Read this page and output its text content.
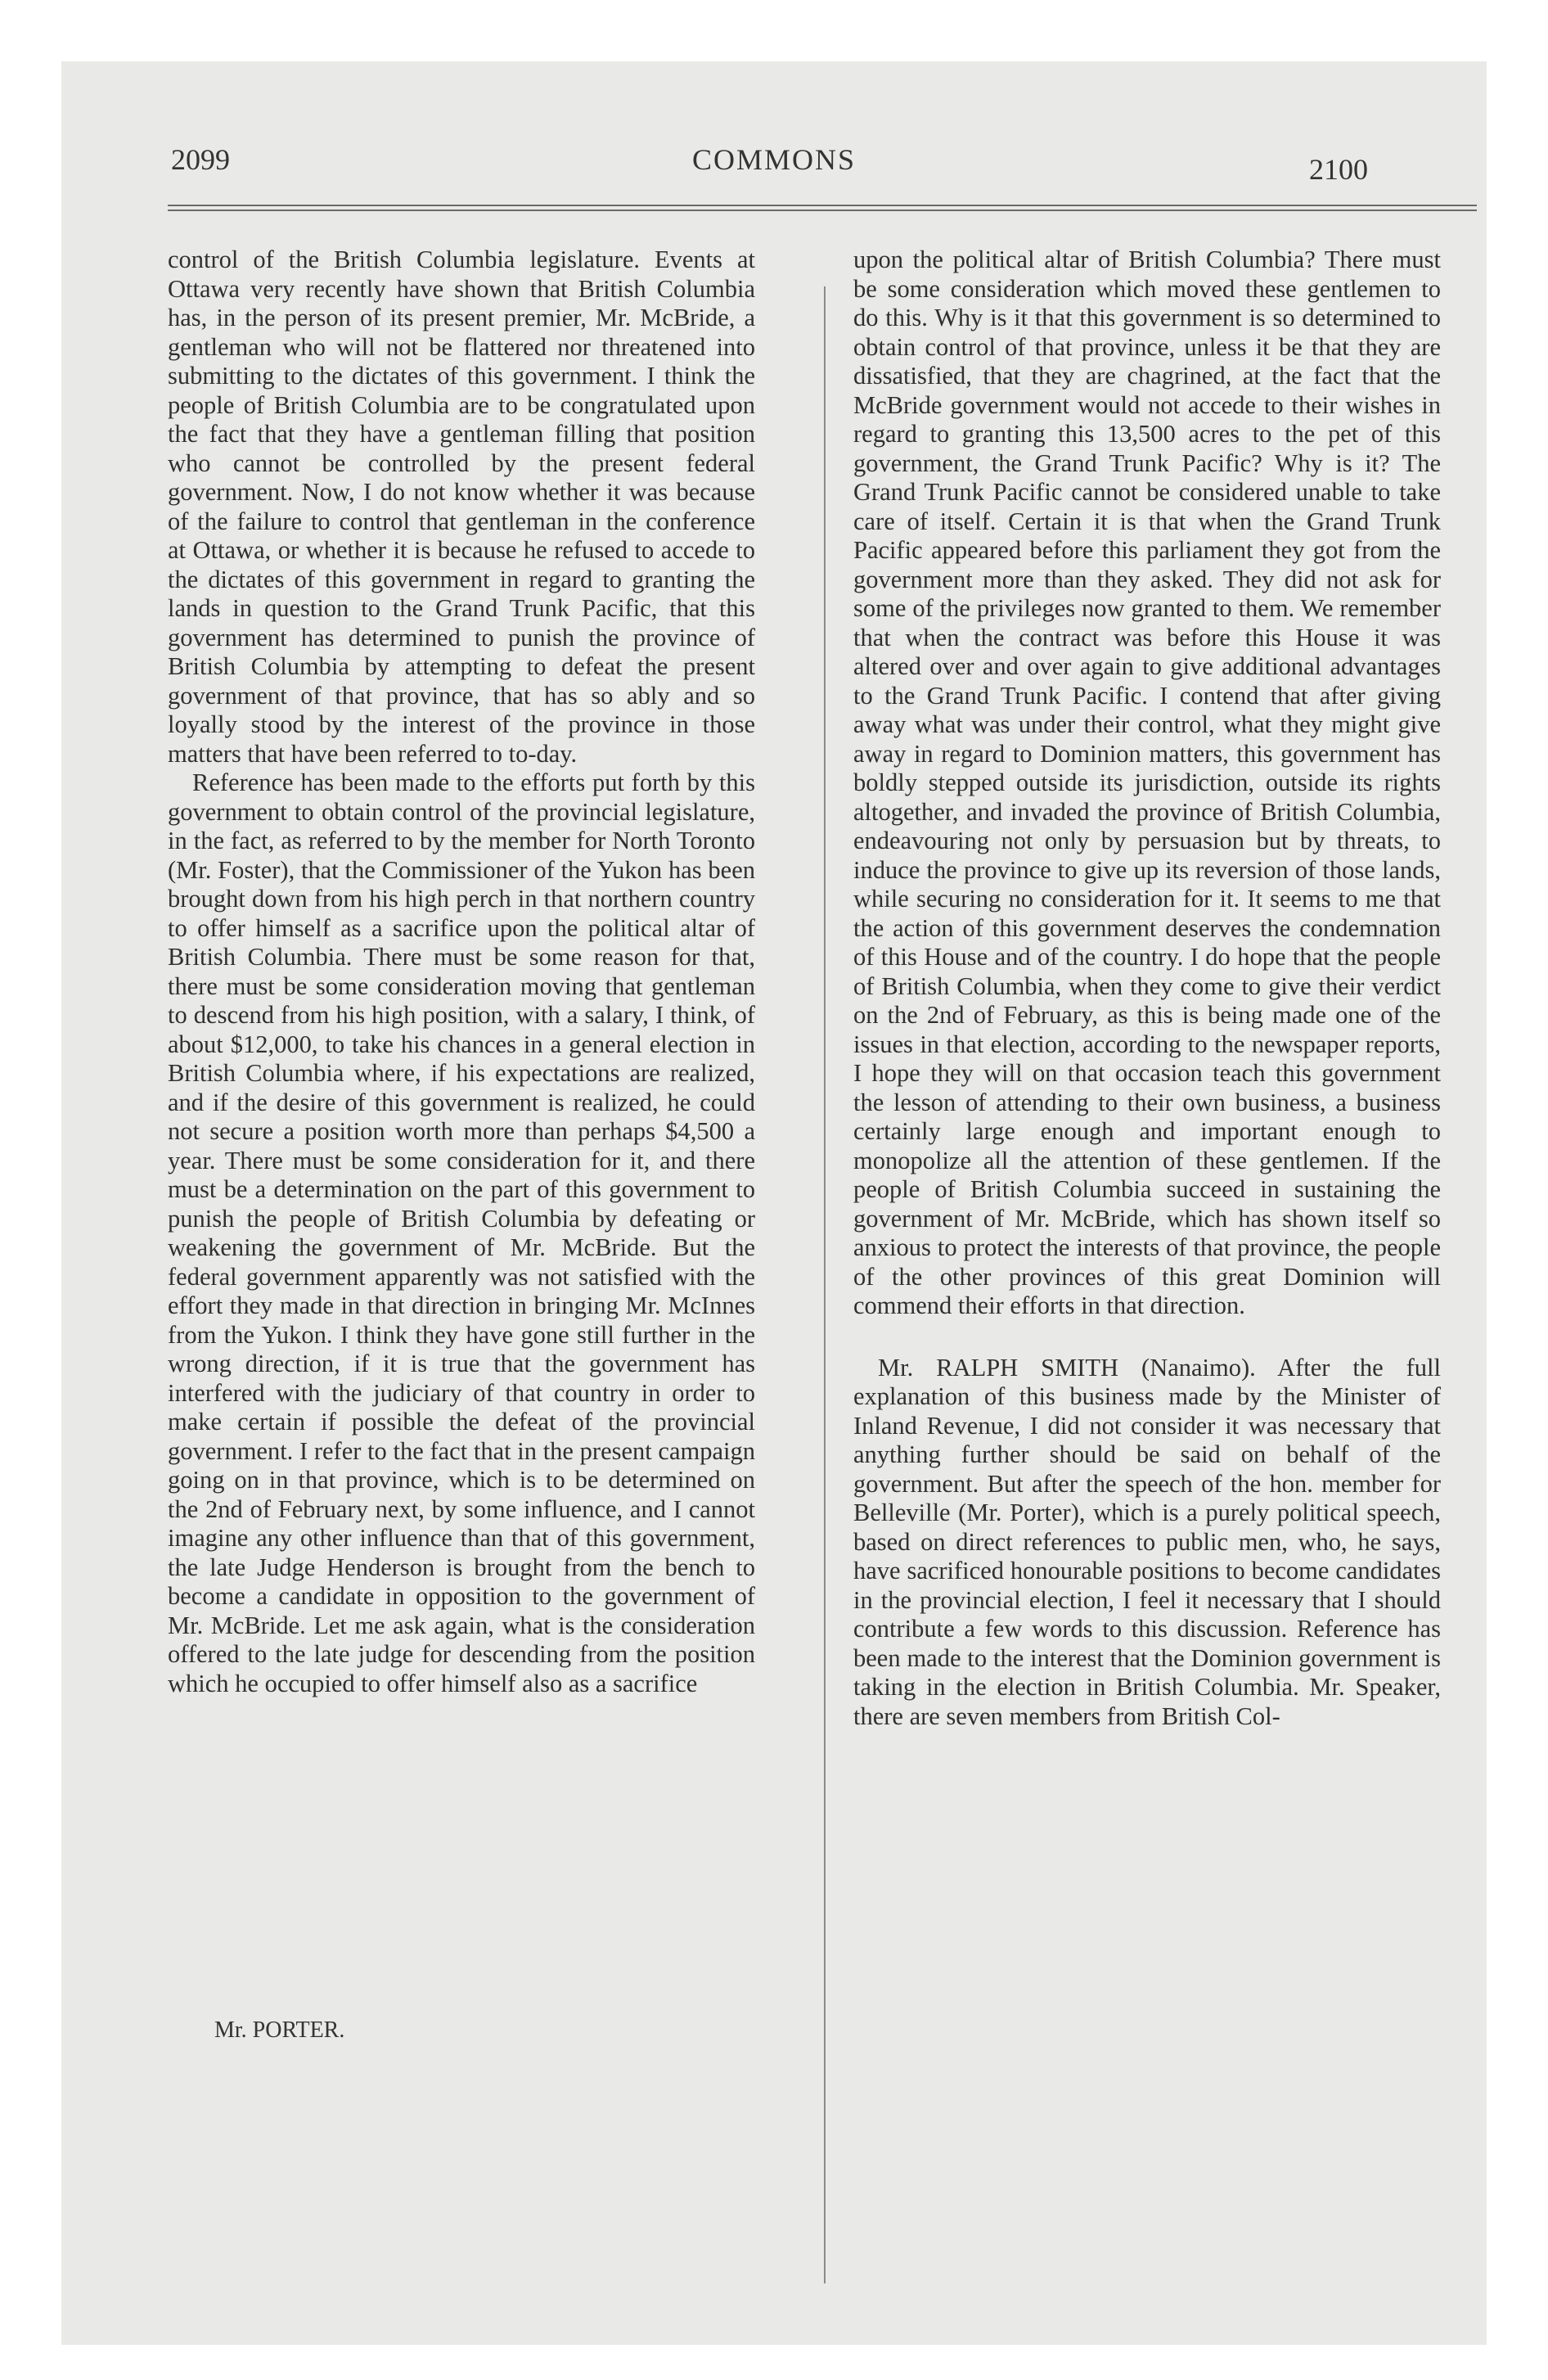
2099	COMMONS	2100

control of the British Columbia legislature. Events at Ottawa very recently have shown that British Columbia has, in the person of its present premier, Mr. McBride, a gentleman who will not be flattered nor threatened into submitting to the dictates of this government. I think the people of British Columbia are to be congratulated upon the fact that they have a gentleman filling that position who cannot be controlled by the present federal government. Now, I do not know whether it was because of the failure to control that gentleman in the conference at Ottawa, or whether it is because he refused to accede to the dictates of this government in regard to granting the lands in question to the Grand Trunk Pacific, that this government has determined to punish the province of British Columbia by attempting to defeat the present government of that province, that has so ably and so loyally stood by the interest of the province in those matters that have been referred to to-day.

Reference has been made to the efforts put forth by this government to obtain control of the provincial legislature, in the fact, as referred to by the member for North Toronto (Mr. Foster), that the Commissioner of the Yukon has been brought down from his high perch in that northern country to offer himself as a sacrifice upon the political altar of British Columbia. There must be some reason for that, there must be some consideration moving that gentleman to descend from his high position, with a salary, I think, of about $12,000, to take his chances in a general election in British Columbia where, if his expectations are realized, and if the desire of this government is realized, he could not secure a position worth more than perhaps $4,500 a year. There must be some consideration for it, and there must be a determination on the part of this government to punish the people of British Columbia by defeating or weakening the government of Mr. McBride. But the federal government apparently was not satisfied with the effort they made in that direction in bringing Mr. McInnes from the Yukon. I think they have gone still further in the wrong direction, if it is true that the government has interfered with the judiciary of that country in order to make certain if possible the defeat of the provincial government. I refer to the fact that in the present campaign going on in that province, which is to be determined on the 2nd of February next, by some influence, and I cannot imagine any other influence than that of this government, the late Judge Henderson is brought from the bench to become a candidate in opposition to the government of Mr. McBride. Let me ask again, what is the consideration offered to the late judge for descending from the position which he occupied to offer himself also as a sacrifice

upon the political altar of British Columbia? There must be some consideration which moved these gentlemen to do this. Why is it that this government is so determined to obtain control of that province, unless it be that they are dissatisfied, that they are chagrined, at the fact that the McBride government would not accede to their wishes in regard to granting this 13,500 acres to the pet of this government, the Grand Trunk Pacific? Why is it? The Grand Trunk Pacific cannot be considered unable to take care of itself. Certain it is that when the Grand Trunk Pacific appeared before this parliament they got from the government more than they asked. They did not ask for some of the privileges now granted to them. We remember that when the contract was before this House it was altered over and over again to give additional advantages to the Grand Trunk Pacific. I contend that after giving away what was under their control, what they might give away in regard to Dominion matters, this government has boldly stepped outside its jurisdiction, outside its rights altogether, and invaded the province of British Columbia, endeavouring not only by persuasion but by threats, to induce the province to give up its reversion of those lands, while securing no consideration for it. It seems to me that the action of this government deserves the condemnation of this House and of the country. I do hope that the people of British Columbia, when they come to give their verdict on the 2nd of February, as this is being made one of the issues in that election, according to the newspaper reports, I hope they will on that occasion teach this government the lesson of attending to their own business, a business certainly large enough and important enough to monopolize all the attention of these gentlemen. If the people of British Columbia succeed in sustaining the government of Mr. McBride, which has shown itself so anxious to protect the interests of that province, the people of the other provinces of this great Dominion will commend their efforts in that direction.

Mr. RALPH SMITH (Nanaimo). After the full explanation of this business made by the Minister of Inland Revenue, I did not consider it was necessary that anything further should be said on behalf of the government. But after the speech of the hon. member for Belleville (Mr. Porter), which is a purely political speech, based on direct references to public men, who, he says, have sacrificed honourable positions to become candidates in the provincial election, I feel it necessary that I should contribute a few words to this discussion. Reference has been made to the interest that the Dominion government is taking in the election in British Columbia. Mr. Speaker, there are seven members from British Col-

Mr. PORTER.
